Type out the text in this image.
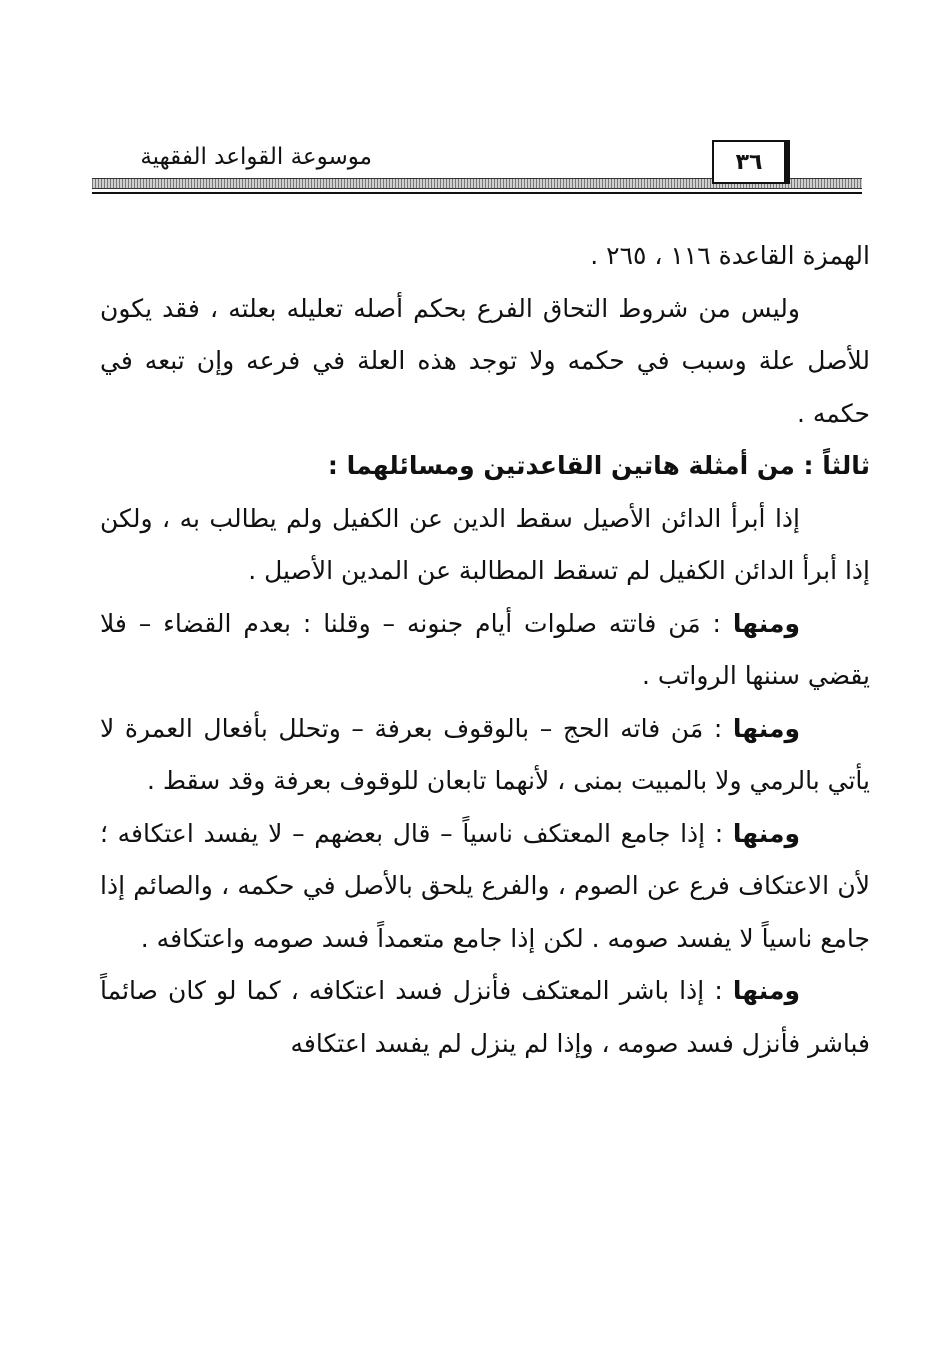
موسوعة القواعد الفقهية	٣٦

الهمزة القاعدة ١١٦ ، ٢٦٥ .

وليس من شروط التحاق الفرع بحكم أصله تعليله بعلته ، فقد يكون للأصل علة وسبب في حكمه ولا توجد هذه العلة في فرعه وإن تبعه في حكمه .

ثالثاً : من أمثلة هاتين القاعدتين ومسائلهما :

إذا أبرأ الدائن الأصيل سقط الدين عن الكفيل ولم يطالب به ، ولكن إذا أبرأ الدائن الكفيل لم تسقط المطالبة عن المدين الأصيل .

ومنها : مَن فاتته صلوات أيام جنونه – وقلنا : بعدم القضاء – فلا يقضي سننها الرواتب .

ومنها : مَن فاته الحج – بالوقوف بعرفة – وتحلل بأفعال العمرة لا يأتي بالرمي ولا بالمبيت بمنى ، لأنهما تابعان للوقوف بعرفة وقد سقط .

ومنها : إذا جامع المعتكف ناسياً – قال بعضهم – لا يفسد اعتكافه ؛ لأن الاعتكاف فرع عن الصوم ، والفرع يلحق بالأصل في حكمه ، والصائم إذا جامع ناسياً لا يفسد صومه . لكن إذا جامع متعمداً فسد صومه واعتكافه .

ومنها : إذا باشر المعتكف فأنزل فسد اعتكافه ، كما لو كان صائماً فباشر فأنزل فسد صومه ، وإذا لم ينزل لم يفسد اعتكافه
